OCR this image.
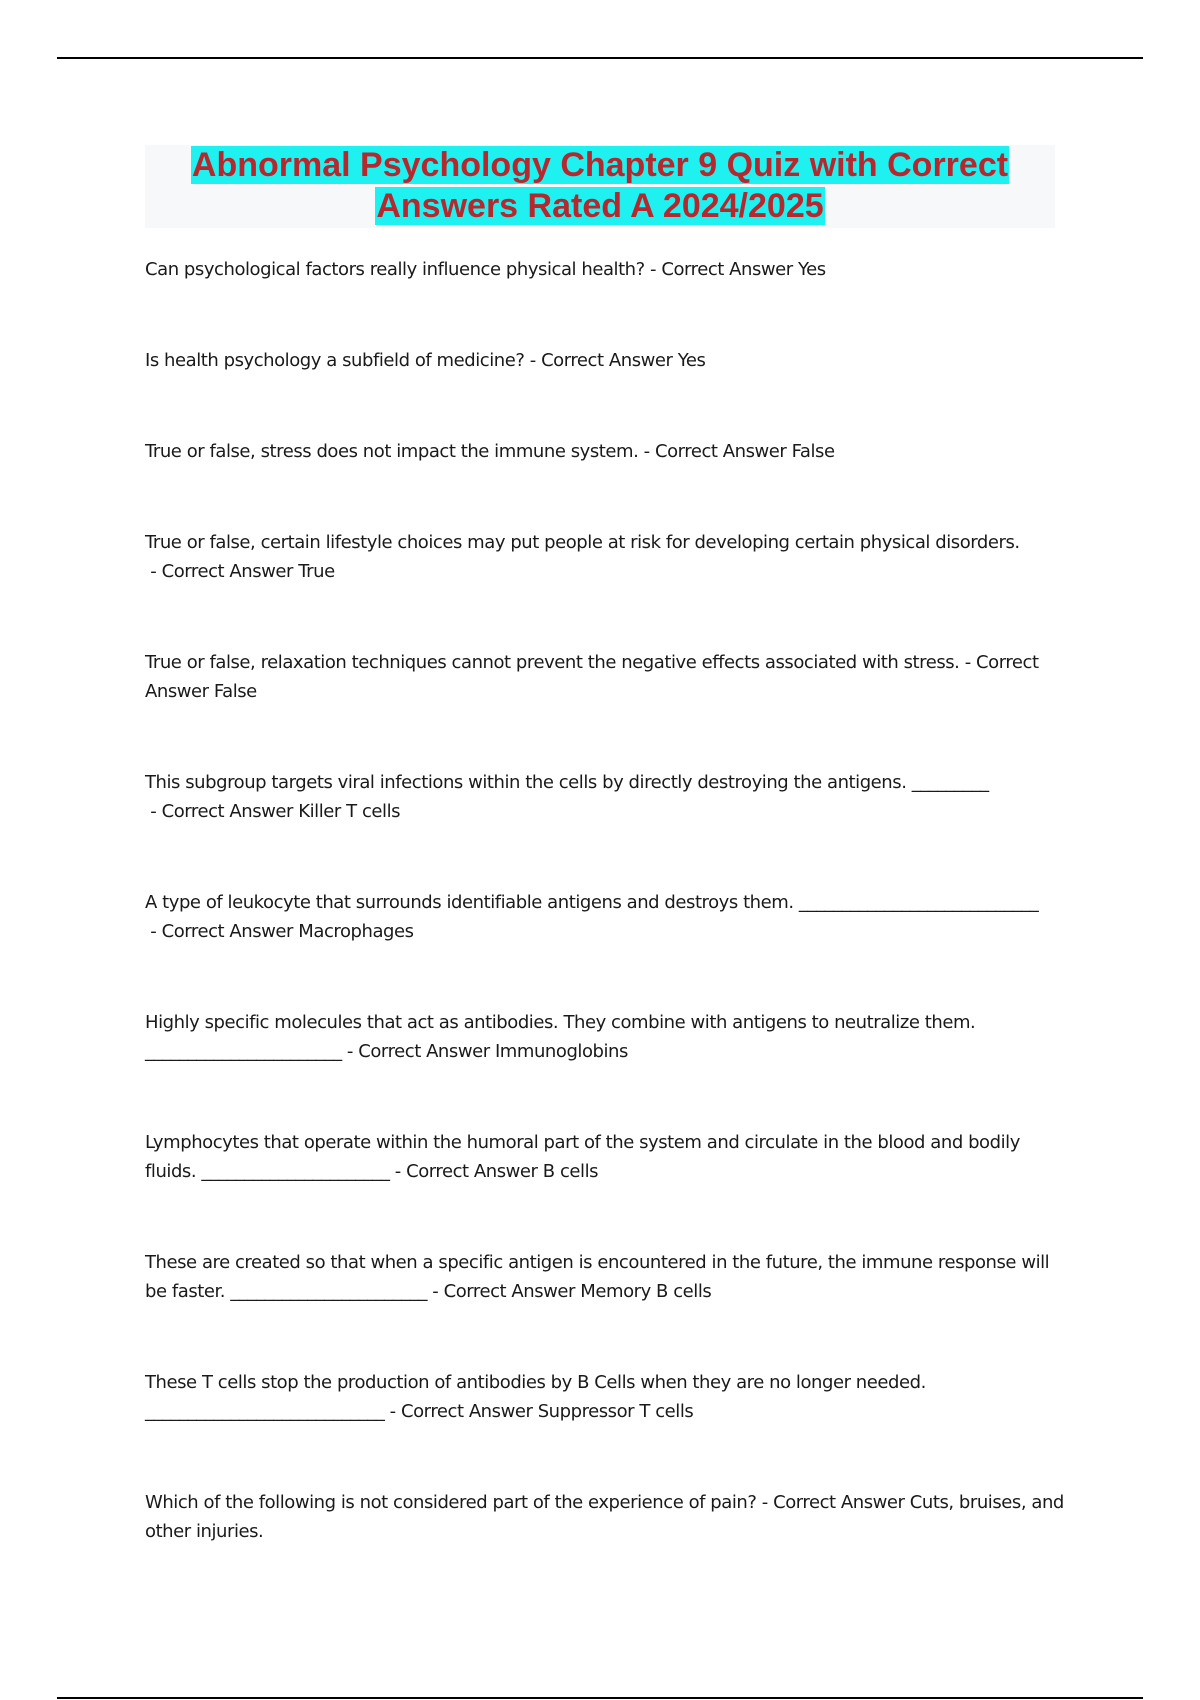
Abnormal Psychology Chapter 9 Quiz with Correct
Answers Rated A 2024/2025
Can psychological factors really influence physical health? - Correct Answer Yes
Is health psychology a subfield of medicine? - Correct Answer Yes
True or false, stress does not impact the immune system. - Correct Answer False
True or false, certain lifestyle choices may put people at risk for developing certain physical disorders. - Correct Answer True
True or false, relaxation techniques cannot prevent the negative effects associated with stress. - Correct Answer False
This subgroup targets viral infections within the cells by directly destroying the antigens. _________ - Correct Answer Killer T cells
A type of leukocyte that surrounds identifiable antigens and destroys them. ____________________________ - Correct Answer Macrophages
Highly specific molecules that act as antibodies. They combine with antigens to neutralize them. _______________________ - Correct Answer Immunoglobins
Lymphocytes that operate within the humoral part of the system and circulate in the blood and bodily fluids. ______________________ - Correct Answer B cells
These are created so that when a specific antigen is encountered in the future, the immune response will be faster. _______________________ - Correct Answer Memory B cells
These T cells stop the production of antibodies by B Cells when they are no longer needed. ____________________________ - Correct Answer Suppressor T cells
Which of the following is not considered part of the experience of pain? - Correct Answer Cuts, bruises, and other injuries.
